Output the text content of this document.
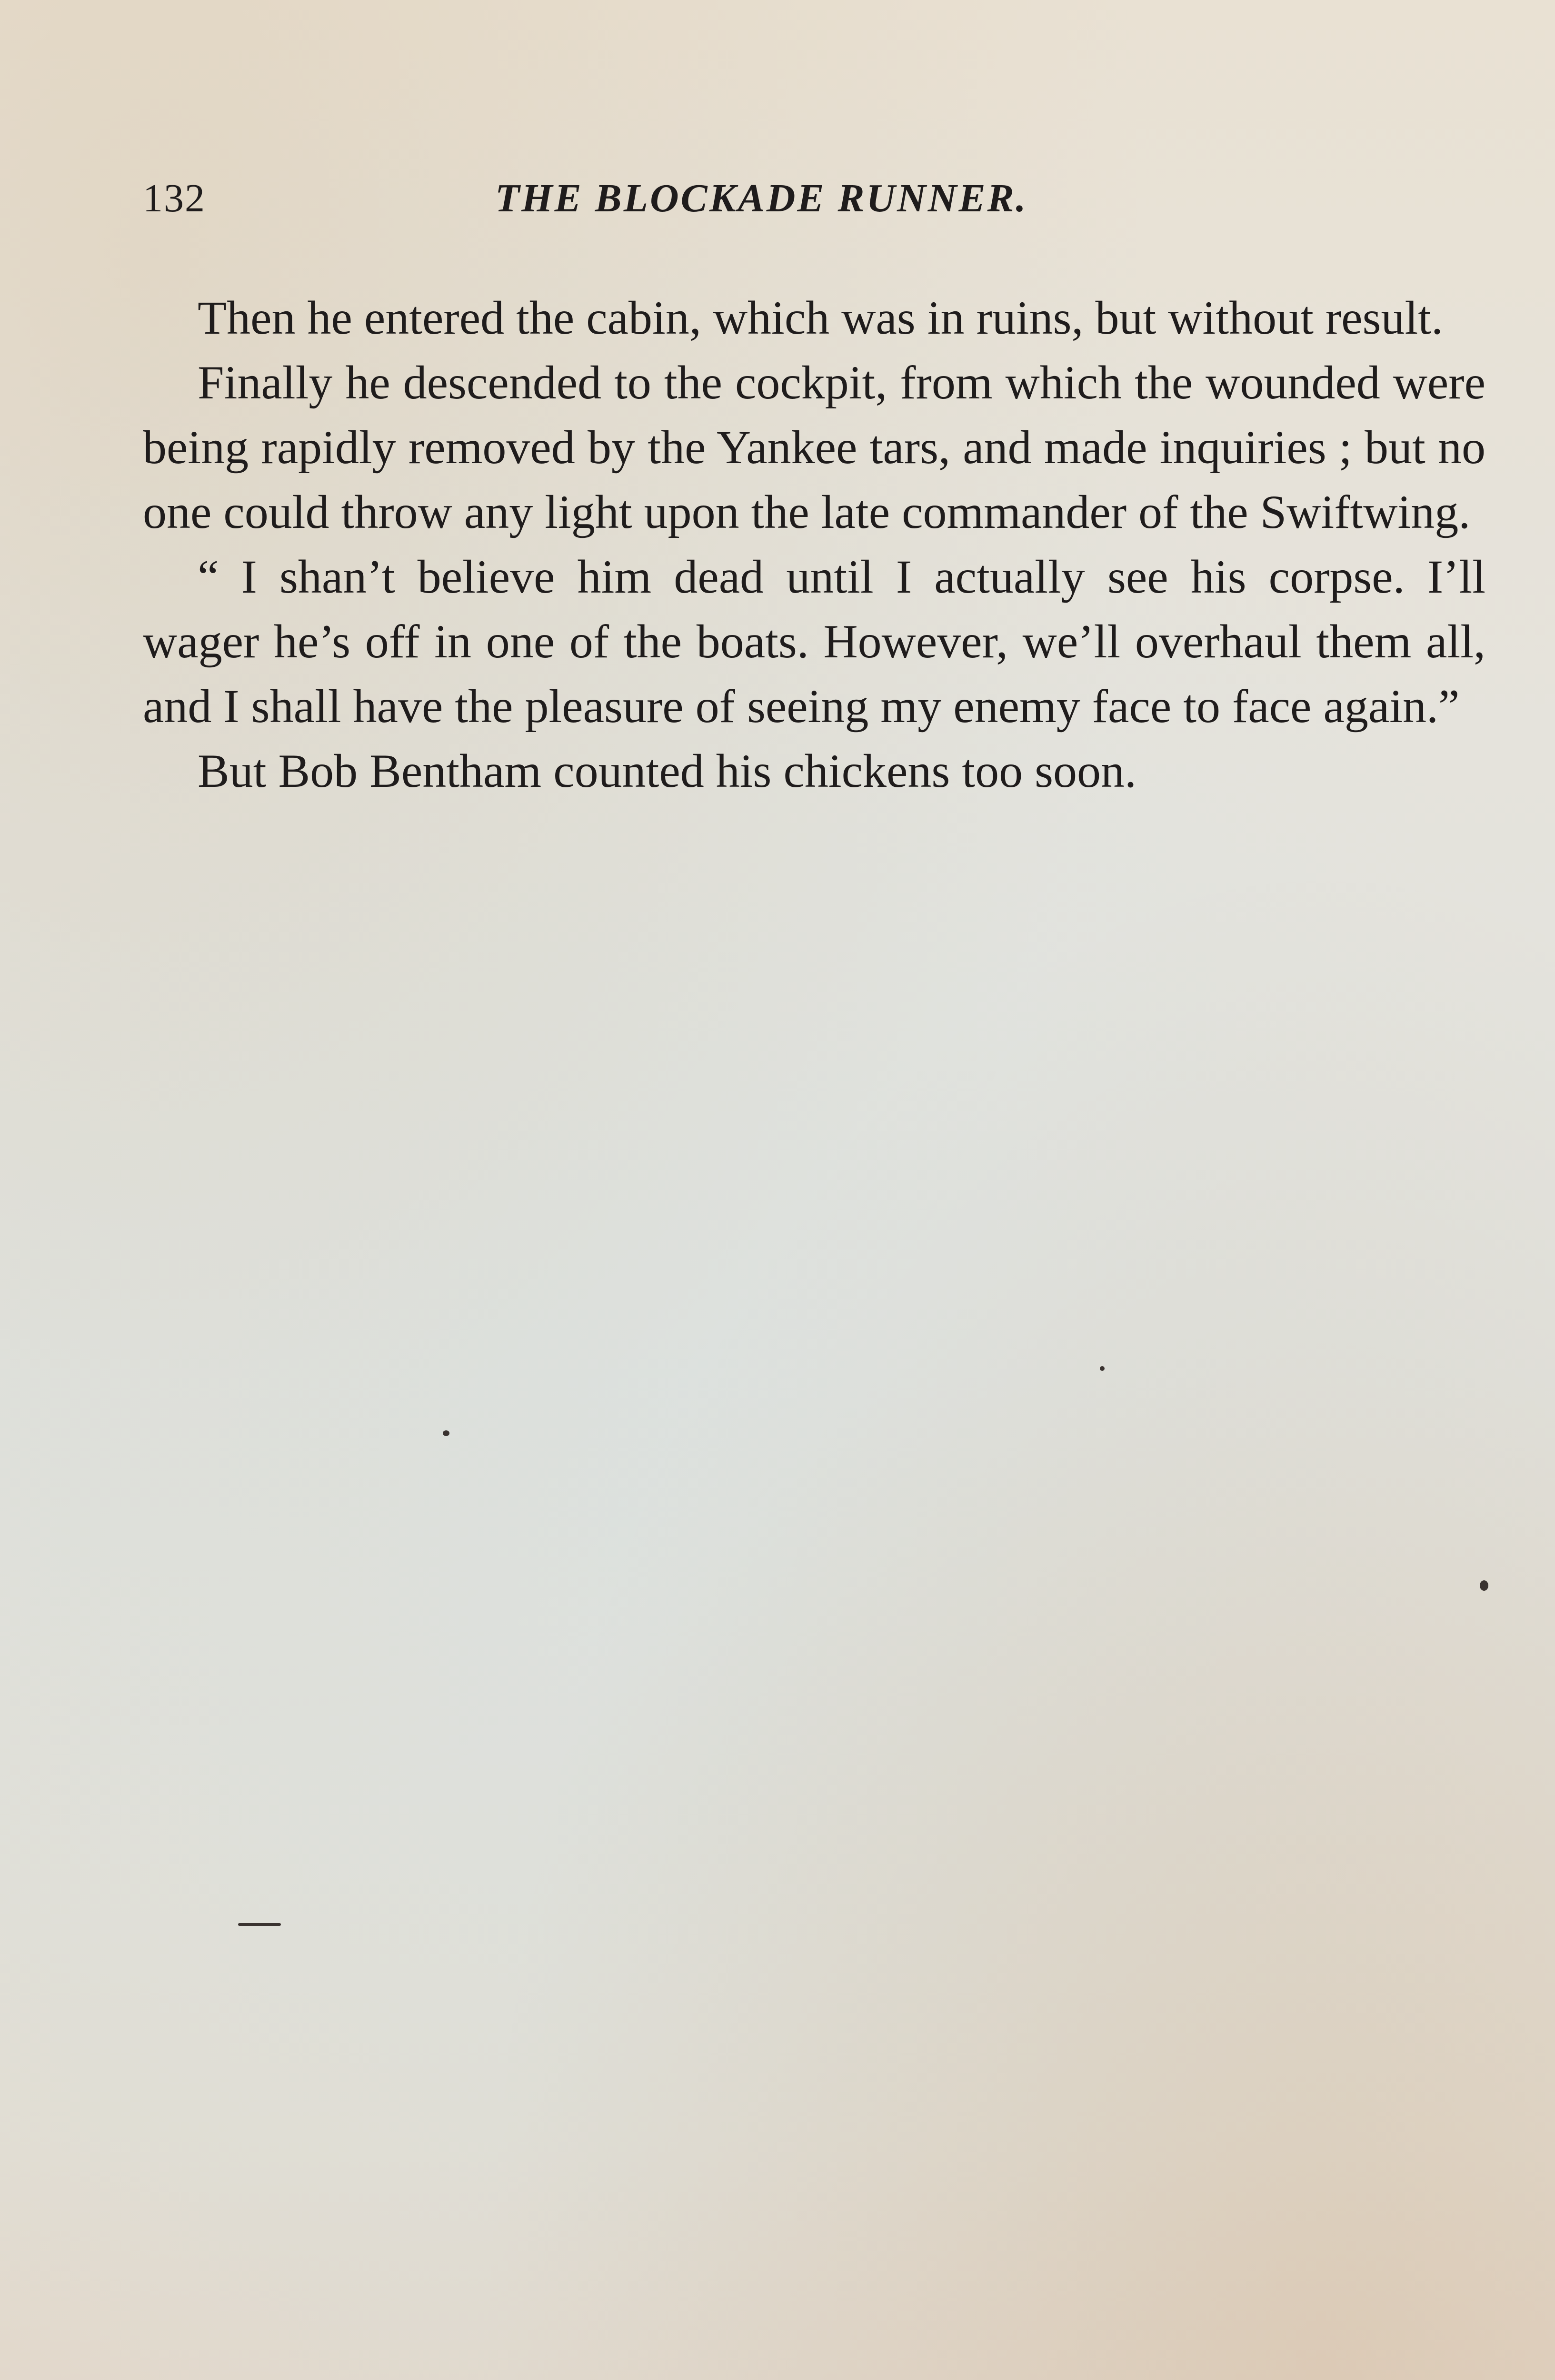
132	THE BLOCKADE RUNNER.

Then he entered the cabin, which was in ruins, but without result.

Finally he descended to the cockpit, from which the wounded were being rapidly removed by the Yankee tars, and made inquiries ; but no one could throw any light upon the late commander of the Swiftwing.

“ I shan’t believe him dead until I actually see his corpse. I’ll wager he’s off in one of the boats. However, we’ll overhaul them all, and I shall have the pleasure of seeing my enemy face to face again.”

But Bob Bentham counted his chickens too soon.
